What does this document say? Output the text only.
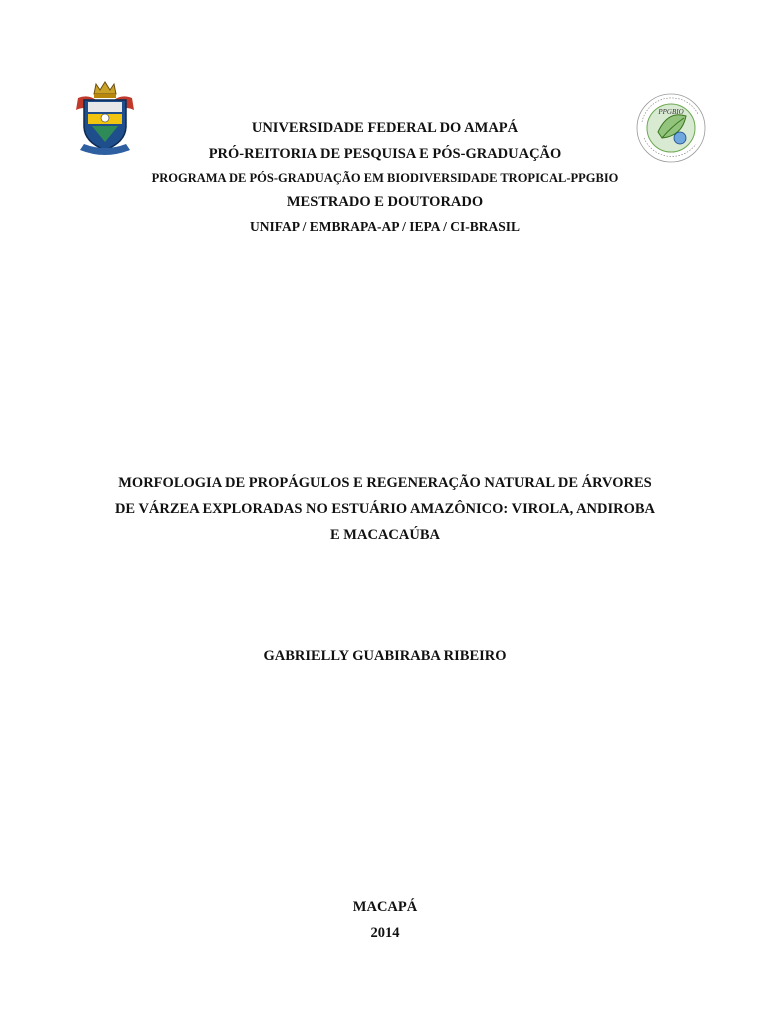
PPGBIO
UNIVERSIDADE FEDERAL DO AMAPÁ
PRÓ-REITORIA DE PESQUISA E PÓS-GRADUAÇÃO
PROGRAMA DE PÓS-GRADUAÇÃO EM BIODIVERSIDADE TROPICAL-PPGBIO
MESTRADO E DOUTORADO
UNIFAP / EMBRAPA-AP / IEPA / CI-BRASIL
MORFOLOGIA DE PROPÁGULOS E REGENERAÇÃO NATURAL DE ÁRVORES
DE VÁRZEA EXPLORADAS NO ESTUÁRIO AMAZÔNICO: VIROLA, ANDIROBA
E MACACAÚBA
GABRIELLY GUABIRABA RIBEIRO
MACAPÁ
2014
